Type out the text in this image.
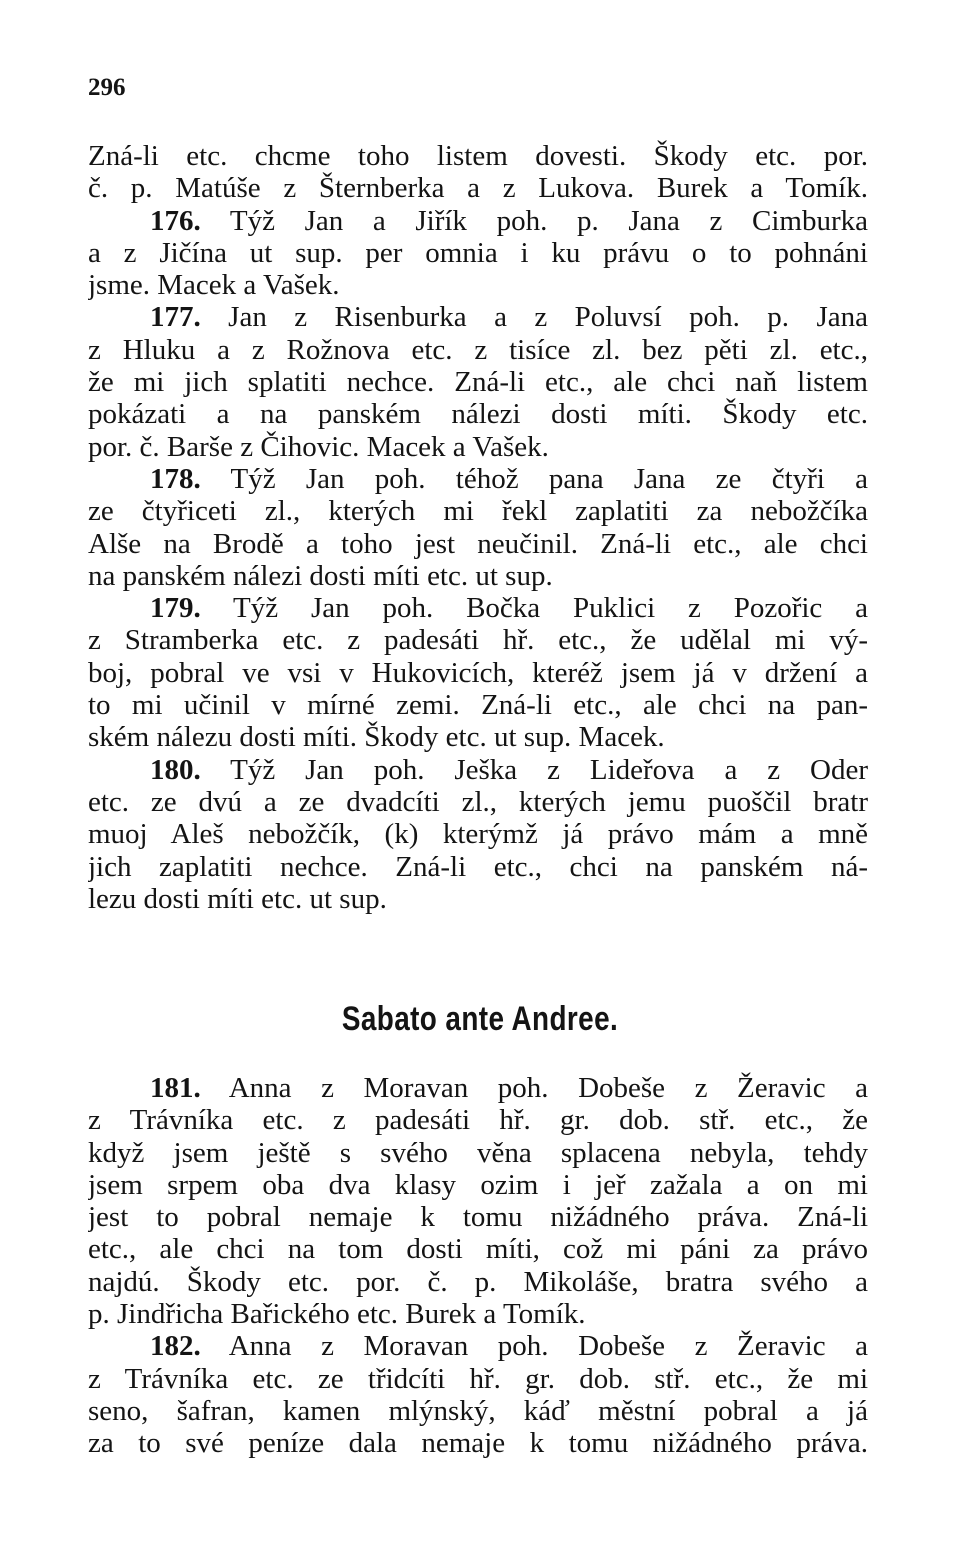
296
Zná-li etc. chcme toho listem dovesti. Škody etc. por.
č. p. Matúše z Šternberka a z Lukova. Burek a Tomík.
176. Týž Jan a Jiřík poh. p. Jana z Cimburka
a z Jičína ut sup. per omnia i ku právu o to pohnáni
jsme. Macek a Vašek.
177. Jan z Risenburka a z Poluvsí poh. p. Jana
z Hluku a z Rožnova etc. z tisíce zl. bez pěti zl. etc.,
že mi jich splatiti nechce. Zná-li etc., ale chci naň listem
pokázati a na panském nálezi dosti míti. Škody etc.
por. č. Barše z Čihovic. Macek a Vašek.
178. Týž Jan poh. téhož pana Jana ze čtyři a
ze čtyřiceti zl., kterých mi řekl zaplatiti za nebožčíka
Alše na Brodě a toho jest neučinil. Zná-li etc., ale chci
na panském nálezi dosti míti etc. ut sup.
179. Týž Jan poh. Bočka Puklici z Pozořic a
z Stramberka etc. z padesáti hř. etc., že udělal mi vý-
boj, pobral ve vsi v Hukovicích, kteréž jsem já v držení a
to mi učinil v mírné zemi. Zná-li etc., ale chci na pan-
ském nálezu dosti míti. Škody etc. ut sup. Macek.
180. Týž Jan poh. Ješka z Lideřova a z Oder
etc. ze dvú a ze dvadcíti zl., kterých jemu puoščil bratr
muoj Aleš nebožčík, (k) kterýmž já právo mám a mně
jich zaplatiti nechce. Zná-li etc., chci na panském ná-
lezu dosti míti etc. ut sup.
Sabato ante Andree.
181. Anna z Moravan poh. Dobeše z Žeravic a
z Trávníka etc. z padesáti hř. gr. dob. stř. etc., že
když jsem ještě s svého věna splacena nebyla, tehdy
jsem srpem oba dva klasy ozim i jeř zažala a on mi
jest to pobral nemaje k tomu nižádného práva. Zná-li
etc., ale chci na tom dosti míti, což mi páni za právo
najdú. Škody etc. por. č. p. Mikoláše, bratra svého a
p. Jindřicha Bařického etc. Burek a Tomík.
182. Anna z Moravan poh. Dobeše z Žeravic a
z Trávníka etc. ze třidcíti hř. gr. dob. stř. etc., že mi
seno, šafran, kamen mlýnský, káď městní pobral a já
za to své peníze dala nemaje k tomu nižádného práva.
